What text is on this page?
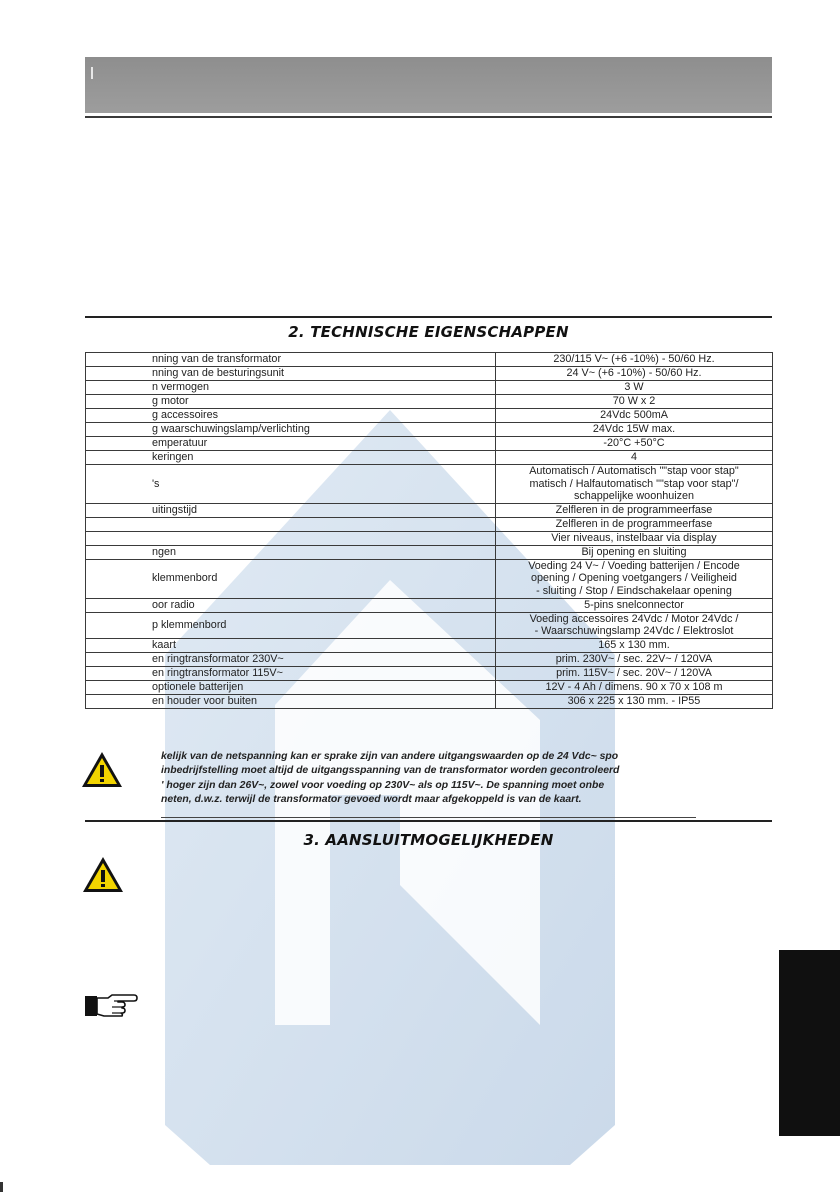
2. TECHNISCHE EIGENSCHAPPEN
nning van de transformator	230/115 V~ (+6 -10%) - 50/60 Hz.

nning van de besturingsunit	24 V~ (+6 -10%) - 50/60 Hz.

n vermogen	3 W

g motor	70 W x 2

g accessoires	24Vdc 500mA

g waarschuwingslamp/verlichting	24Vdc 15W max.

emperatuur	-20°C +50°C

keringen	4

's	Automatisch / Automatisch ""stap voor stap"
matisch / Halfautomatisch ""stap voor stap"/
schappelijke woonhuizen

uitingstijd	Zelfleren in de programmeerfase

	Zelfleren in de programmeerfase

	Vier niveaus, instelbaar via display

ngen	Bij opening en sluiting

klemmenbord	Voeding 24 V~ / Voeding batterijen / Encode
opening / Opening voetgangers / Veiligheid
- sluiting / Stop / Eindschakelaar opening

oor radio	5-pins snelconnector

p klemmenbord	Voeding accessoires 24Vdc / Motor 24Vdc /
- Waarschuwingslamp 24Vdc / Elektroslot

kaart	165 x 130 mm.

en ringtransformator 230V~	prim. 230V~ / sec. 22V~ / 120VA

en ringtransformator 115V~	prim. 115V~ / sec. 20V~ / 120VA

optionele batterijen	12V - 4 Ah / dimens. 90 x 70 x 108 m

en houder voor buiten	306 x 225 x 130 mm. - IP55
kelijk van de netspanning kan er sprake zijn van andere uitgangswaarden op de 24 Vdc~ spo
inbedrijfstelling moet altijd de uitgangsspanning van de transformator worden gecontroleerd
' hoger zijn dan 26V~, zowel voor voeding op 230V~ als op 115V~. De spanning moet onbe
neten, d.w.z. terwijl de transformator gevoed wordt maar afgekoppeld is van de kaart.
3. AANSLUITMOGELIJKHEDEN
